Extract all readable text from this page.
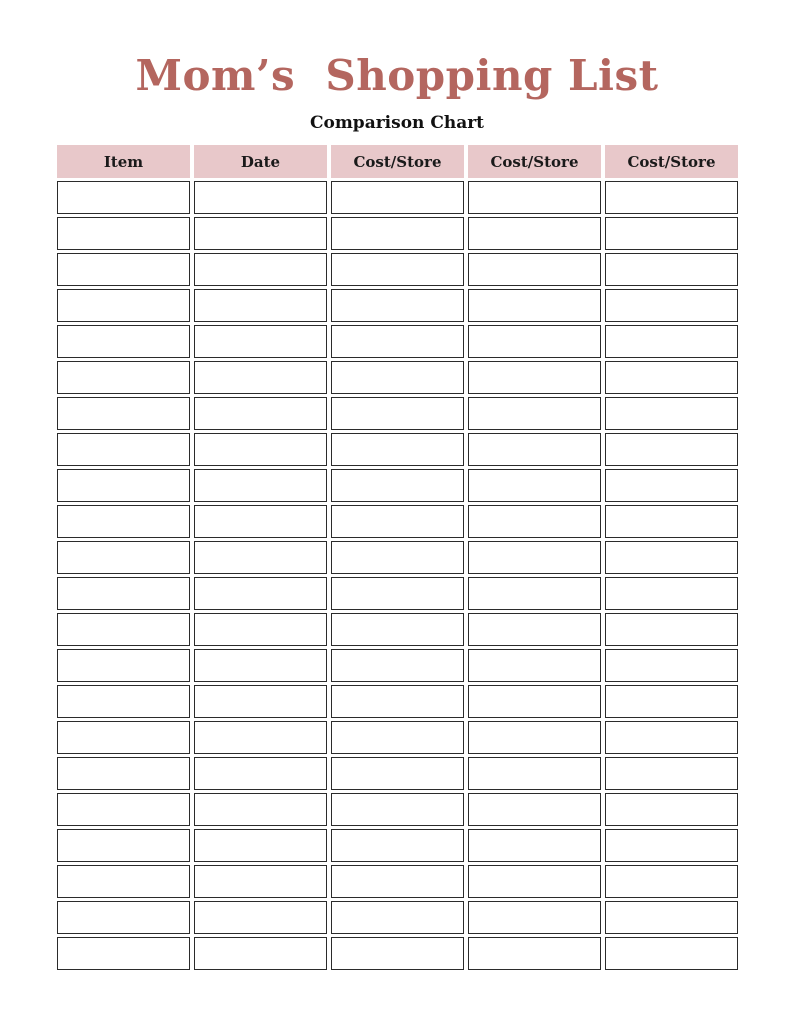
Mom’s  Shopping List
Comparison Chart
Item	Date	Cost/Store	Cost/Store	Cost/Store
